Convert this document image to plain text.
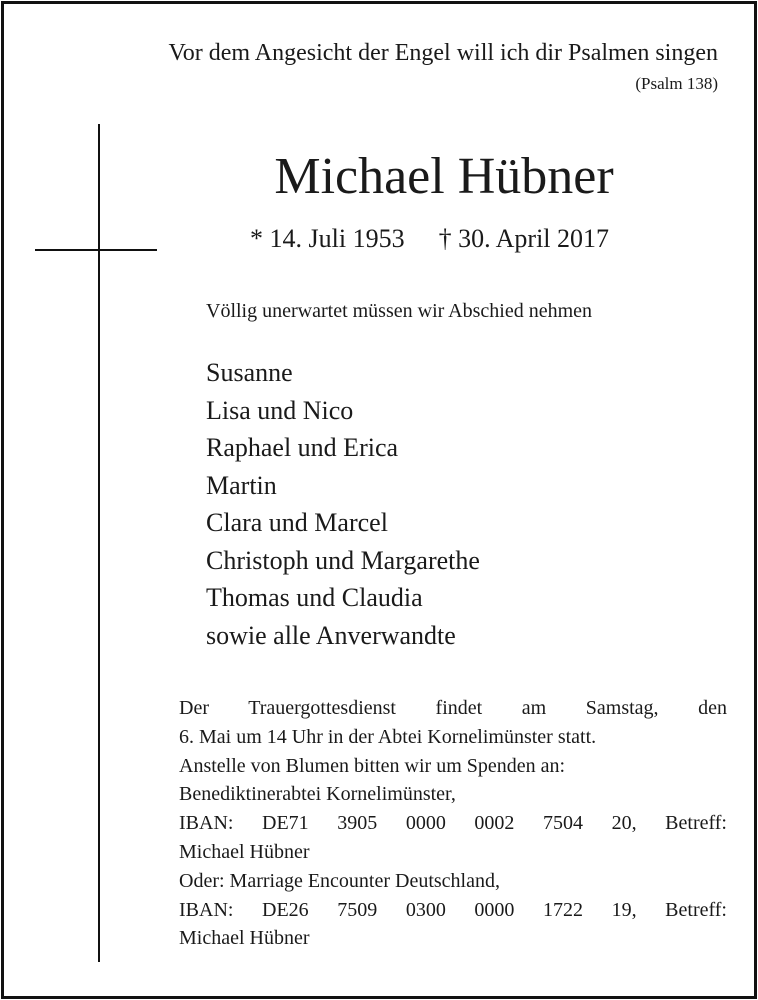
Vor dem Angesicht der Engel will ich dir Psalmen singen
(Psalm 138)
Michael Hübner
* 14. Juli 1953 † 30. April 2017
Völlig unerwartet müssen wir Abschied nehmen
Susanne
Lisa und Nico
Raphael und Erica
Martin
Clara und Marcel
Christoph und Margarethe
Thomas und Claudia
sowie alle Anverwandte
Der Trauergottesdienst findet am Samstag, den
6. Mai um 14 Uhr in der Abtei Kornelimünster statt.
Anstelle von Blumen bitten wir um Spenden an:
Benediktinerabtei Kornelimünster,
IBAN: DE71 3905 0000 0002 7504 20, Betreff:
Michael Hübner
Oder: Marriage Encounter Deutschland,
IBAN: DE26 7509 0300 0000 1722 19, Betreff:
Michael Hübner
